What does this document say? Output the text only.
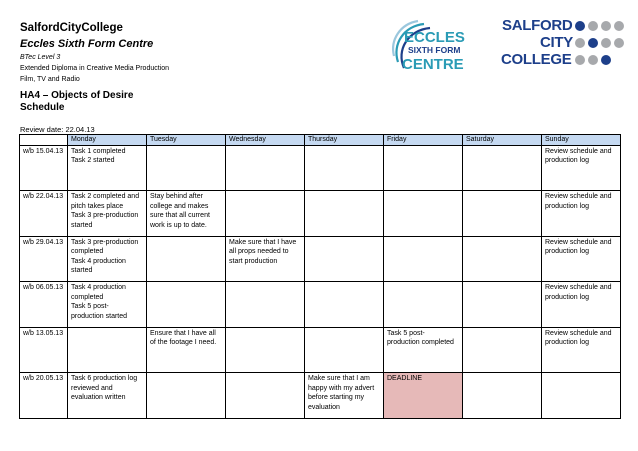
SalfordCityCollege
Eccles Sixth Form Centre
BTec Level 3
Extended Diploma in Creative Media Production
Film, TV and Radio
ECCLES
SIXTH FORM
CENTRE
SALFORD
CITY
COLLEGE
HA4 – Objects of Desire
Schedule
Review date: 22.04.13
	Monday	Tuesday	Wednesday	Thursday	Friday	Saturday	Sunday
w/b 15.04.13	Task 1 completed
Task 2 started						Review schedule and
production log

w/b 22.04.13	Task 2 completed and
pitch takes place
Task 3 pre-production
started	Stay behind after
college and makes
sure that all current
work is up to date.					Review schedule and
production log

w/b 29.04.13	Task 3 pre-production
completed
Task 4 production
started		Make sure that I have
all props needed to
start production				Review schedule and
production log

w/b 06.05.13	Task 4 production
completed
Task 5 post-
production started						Review schedule and
production log

w/b 13.05.13		Ensure that I have all
of the footage I need.			Task 5 post-
production completed		Review schedule and
production log

w/b 20.05.13	Task 6 production log
reviewed and
evaluation written			Make sure that I am
happy with my advert
before starting my
evaluation	DEADLINE		
